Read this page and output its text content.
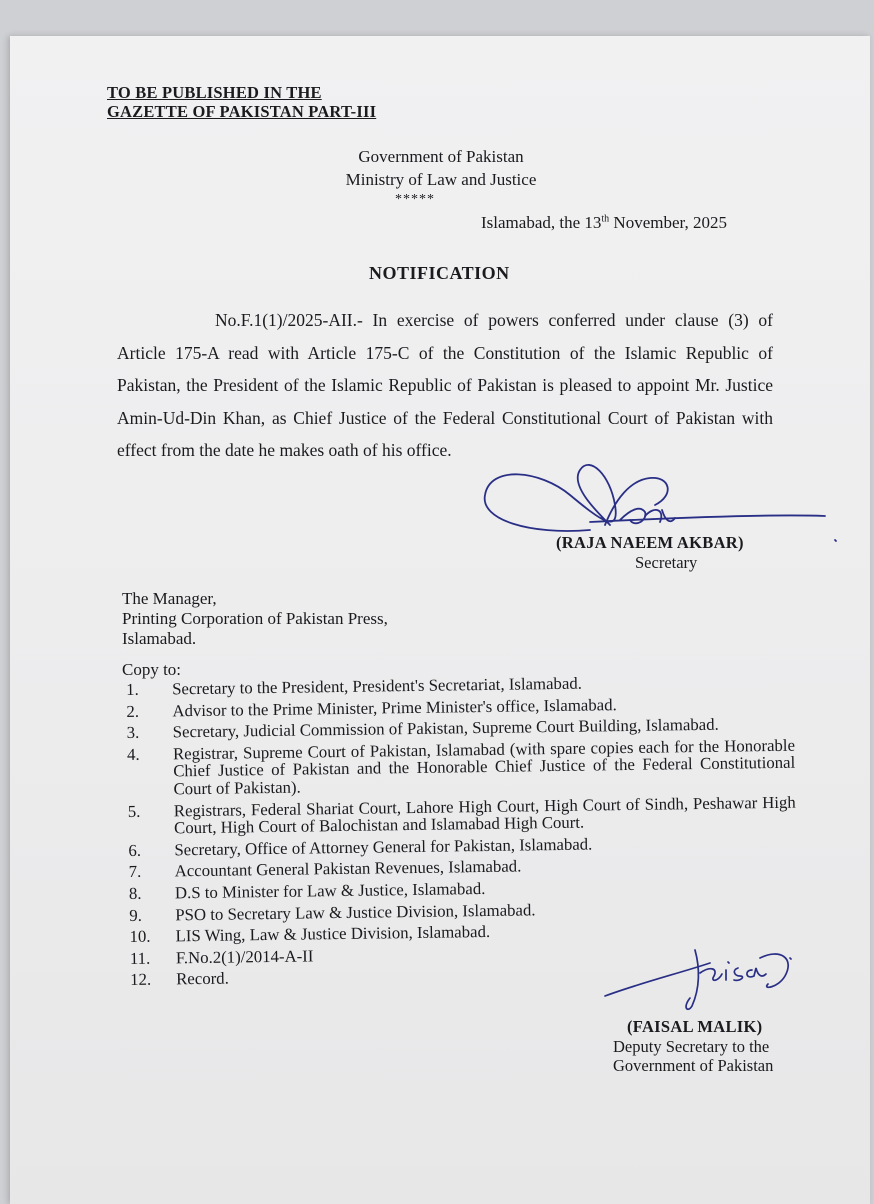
TO BE PUBLISHED IN THE
GAZETTE OF PAKISTAN PART-III
Government of Pakistan
Ministry of Law and Justice
*****
Islamabad, the 13th November, 2025
NOTIFICATION
No.F.1(1)/2025-AII.- In exercise of powers conferred under clause (3) of Article 175-A read with Article 175-C of the Constitution of the Islamic Republic of Pakistan, the President of the Islamic Republic of Pakistan is pleased to appoint Mr. Justice Amin-Ud-Din Khan, as Chief Justice of the Federal Constitutional Court of Pakistan with effect from the date he makes oath of his office.
(RAJA NAEEM AKBAR)
Secretary
The Manager,
Printing Corporation of Pakistan Press,
Islamabad.
Copy to:
1.	Secretary to the President, President's Secretariat, Islamabad.
2.	Advisor to the Prime Minister, Prime Minister's office, Islamabad.
3.	Secretary, Judicial Commission of Pakistan, Supreme Court Building, Islamabad.
4.	Registrar, Supreme Court of Pakistan, Islamabad (with spare copies each for the Honorable Chief Justice of Pakistan and the Honorable Chief Justice of the Federal Constitutional Court of Pakistan).
5.	Registrars, Federal Shariat Court, Lahore High Court, High Court of Sindh, Peshawar High Court, High Court of Balochistan and Islamabad High Court.
6.	Secretary, Office of Attorney General for Pakistan, Islamabad.
7.	Accountant General Pakistan Revenues, Islamabad.
8.	D.S to Minister for Law & Justice, Islamabad.
9.	PSO to Secretary Law & Justice Division, Islamabad.
10.	LIS Wing, Law & Justice Division, Islamabad.
11.	F.No.2(1)/2014-A-II
12.	Record.
(FAISAL MALIK)
Deputy Secretary to the
Government of Pakistan
